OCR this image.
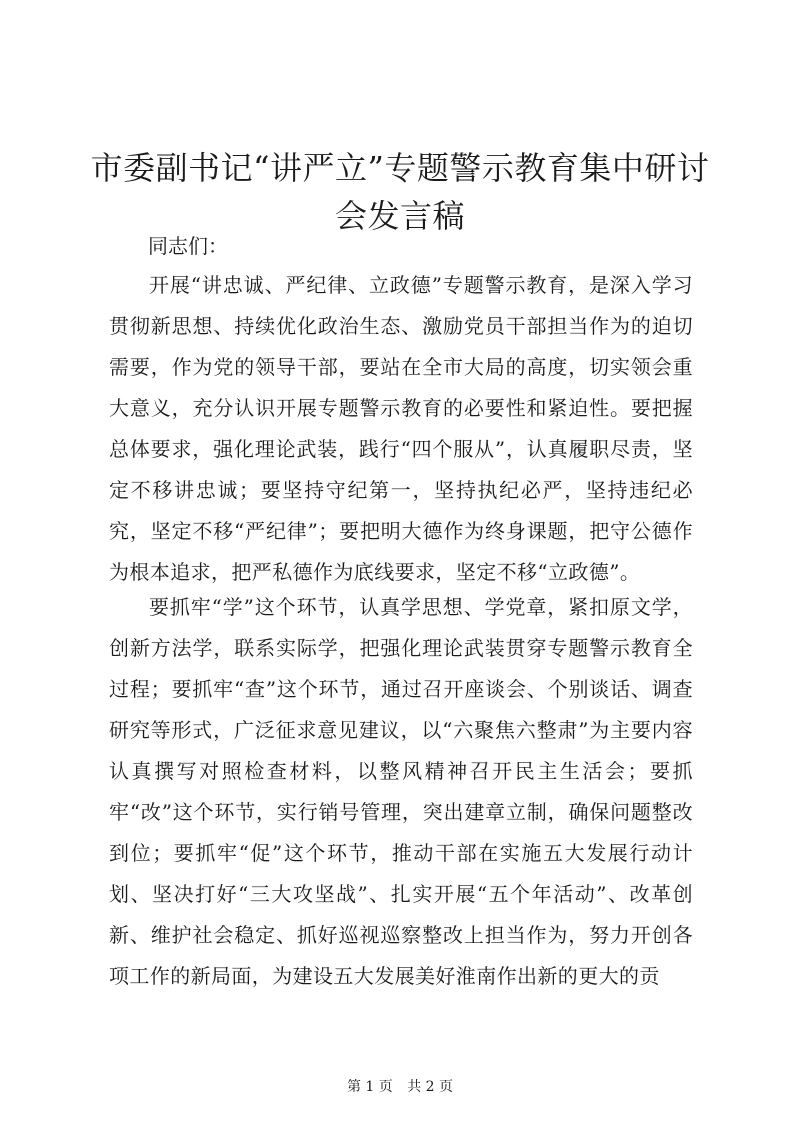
市委副书记“讲严立”专题警示教育集中研讨会发言稿

同志们：

开展“讲忠诚、严纪律、立政德”专题警示教育，是深入学习贯彻新思想、持续优化政治生态、激励党员干部担当作为的迫切需要，作为党的领导干部，要站在全市大局的高度，切实领会重大意义，充分认识开展专题警示教育的必要性和紧迫性。要把握总体要求，强化理论武装，践行“四个服从”，认真履职尽责，坚定不移讲忠诚；要坚持守纪第一，坚持执纪必严，坚持违纪必究，坚定不移“严纪律”；要把明大德作为终身课题，把守公德作为根本追求，把严私德作为底线要求，坚定不移“立政德”。

要抓牢“学”这个环节，认真学思想、学党章，紧扣原文学，创新方法学，联系实际学，把强化理论武装贯穿专题警示教育全过程；要抓牢“查”这个环节，通过召开座谈会、个别谈话、调查研究等形式，广泛征求意见建议，以“六聚焦六整肃”为主要内容认真撰写对照检查材料，以整风精神召开民主生活会；要抓牢“改”这个环节，实行销号管理，突出建章立制，确保问题整改到位；要抓牢“促”这个环节，推动干部在实施五大发展行动计划、坚决打好“三大攻坚战”、扎实开展“五个年活动”、改革创新、维护社会稳定、抓好巡视巡察整改上担当作为，努力开创各项工作的新局面，为建设五大发展美好淮南作出新的更大的贡

第 1 页 共 2 页
